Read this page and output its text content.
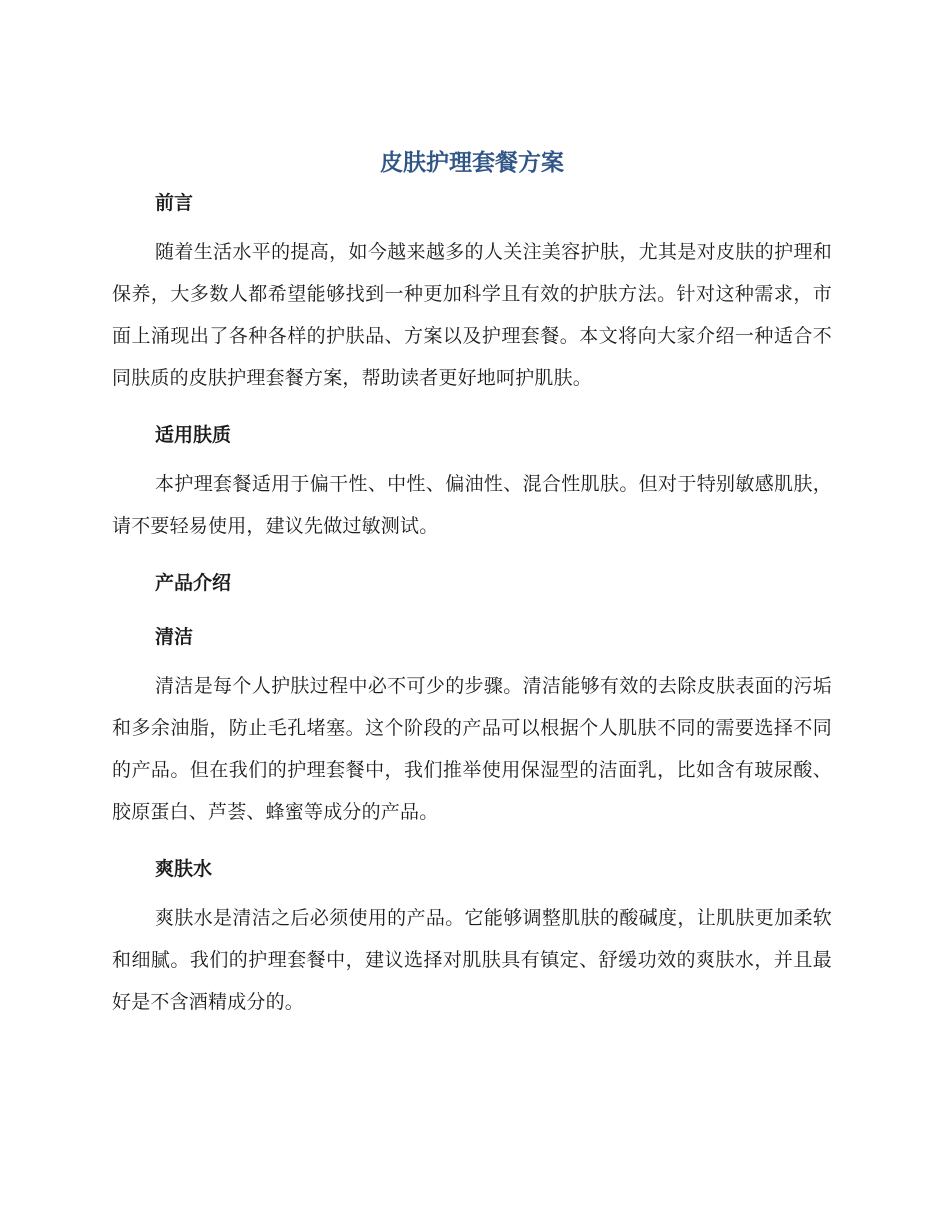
皮肤护理套餐方案
前言

随着生活水平的提高，如今越来越多的人关注美容护肤，尤其是对皮肤的护理和保养，大多数人都希望能够找到一种更加科学且有效的护肤方法。针对这种需求，市面上涌现出了各种各样的护肤品、方案以及护理套餐。本文将向大家介绍一种适合不同肤质的皮肤护理套餐方案，帮助读者更好地呵护肌肤。

适用肤质

本护理套餐适用于偏干性、中性、偏油性、混合性肌肤。但对于特别敏感肌肤，请不要轻易使用，建议先做过敏测试。

产品介绍
清洁

清洁是每个人护肤过程中必不可少的步骤。清洁能够有效的去除皮肤表面的污垢和多余油脂，防止毛孔堵塞。这个阶段的产品可以根据个人肌肤不同的需要选择不同的产品。但在我们的护理套餐中，我们推举使用保湿型的洁面乳，比如含有玻尿酸、胶原蛋白、芦荟、蜂蜜等成分的产品。

爽肤水

爽肤水是清洁之后必须使用的产品。它能够调整肌肤的酸碱度，让肌肤更加柔软和细腻。我们的护理套餐中，建议选择对肌肤具有镇定、舒缓功效的爽肤水，并且最好是不含酒精成分的。
